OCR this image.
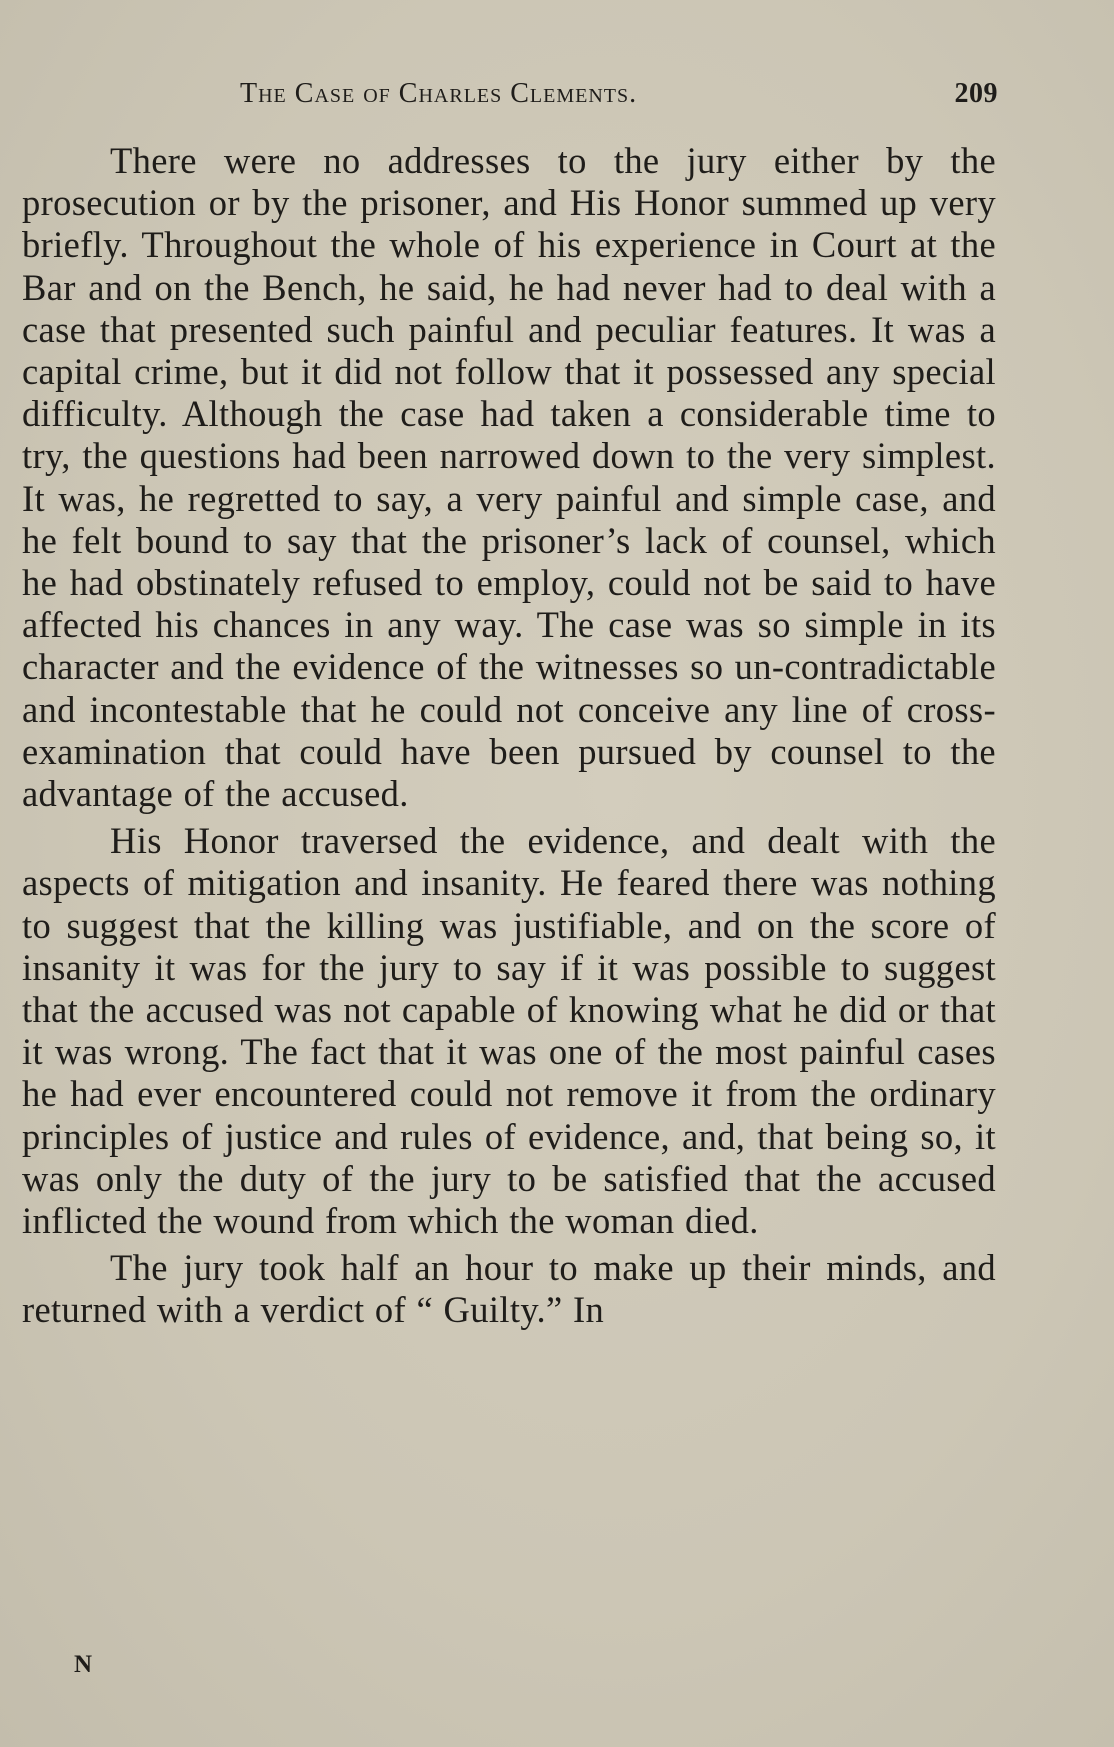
The Case of Charles Clements.	209

There were no addresses to the jury either by the prosecution or by the prisoner, and His Honor summed up very briefly. Throughout the whole of his experience in Court at the Bar and on the Bench, he said, he had never had to deal with a case that presented such painful and peculiar features. It was a capital crime, but it did not follow that it possessed any special difficulty. Although the case had taken a considerable time to try, the questions had been narrowed down to the very simplest. It was, he regretted to say, a very painful and simple case, and he felt bound to say that the prisoner’s lack of counsel, which he had obstinately refused to employ, could not be said to have affected his chances in any way. The case was so simple in its character and the evidence of the witnesses so un-contradictable and incontestable that he could not conceive any line of cross-examination that could have been pursued by counsel to the advantage of the accused.

His Honor traversed the evidence, and dealt with the aspects of mitigation and insanity. He feared there was nothing to suggest that the killing was justifiable, and on the score of insanity it was for the jury to say if it was possible to suggest that the accused was not capable of knowing what he did or that it was wrong. The fact that it was one of the most painful cases he had ever encountered could not remove it from the ordinary principles of justice and rules of evidence, and, that being so, it was only the duty of the jury to be satisfied that the accused inflicted the wound from which the woman died.

The jury took half an hour to make up their minds, and returned with a verdict of “ Guilty.” In

N
